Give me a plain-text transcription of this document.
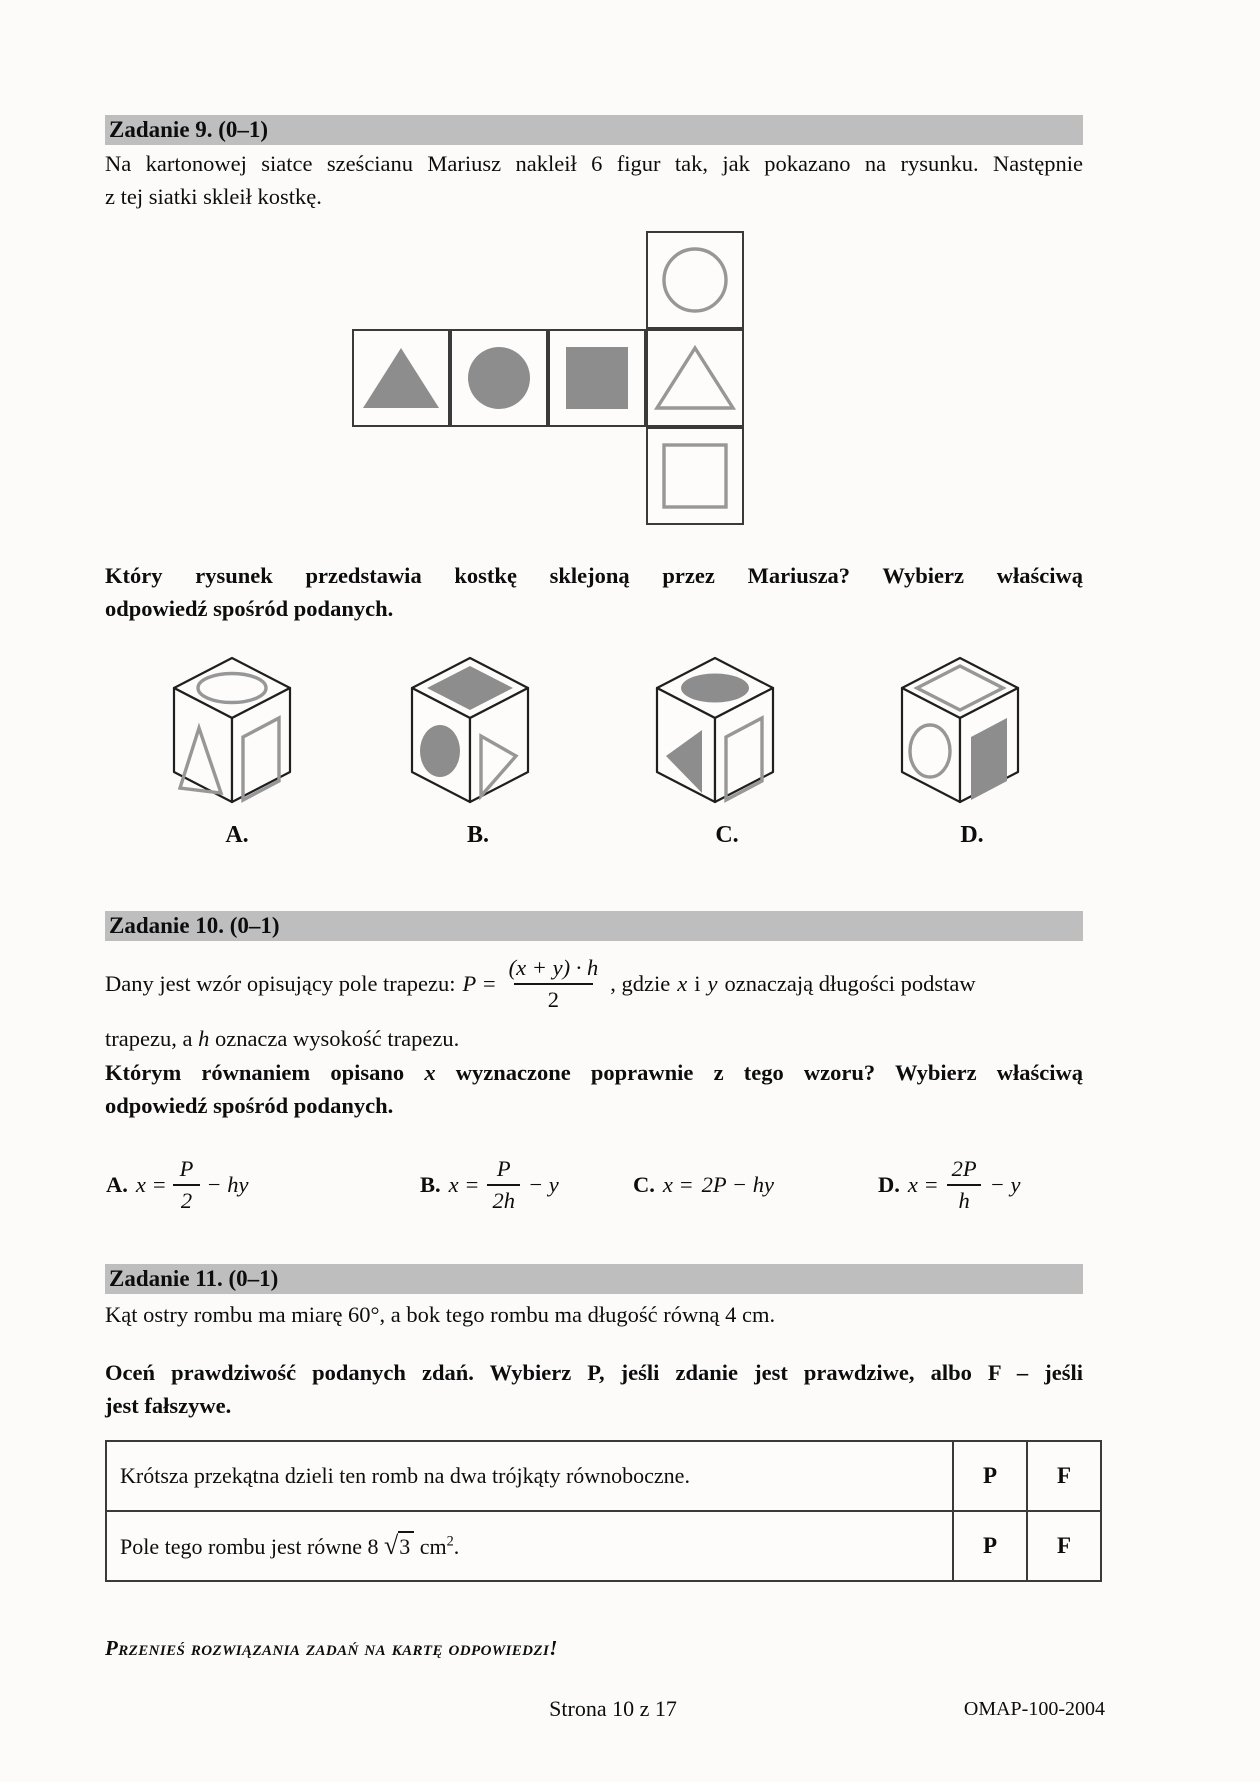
Zadanie 9. (0–1)
Na kartonowej siatce sześcianu Mariusz nakleił 6 figur tak, jak pokazano na rysunku. Następnie
z tej siatki skleił kostkę.
Który rysunek przedstawia kostkę sklejoną przez Mariusza? Wybierz właściwą
odpowiedź spośród podanych.
A.	B.	C.	D.
Zadanie 10. (0–1)
Dany jest wzór opisujący pole trapezu: $P = \frac{(x + y) \cdot h}{2}$ , gdzie x i y oznaczają długości podstaw
trapezu, a h oznacza wysokość trapezu.
Którym równaniem opisano x wyznaczone poprawnie z tego wzoru? Wybierz właściwą
odpowiedź spośród podanych.
A. $x = \frac{P}{2}$ − hy	B. $x = \frac{P}{2h} - y$	C. x = 2P − hy	D. $x = \frac{2P}{h} - y$
Zadanie 11. (0–1)
Kąt ostry rombu ma miarę 60°, a bok tego rombu ma długość równą 4 cm.
Oceń prawdziwość podanych zdań. Wybierz P, jeśli zdanie jest prawdziwe, albo F – jeśli
jest fałszywe.
Krótsza przekątna dzieli ten romb na dwa trójkąty równoboczne.	P	F
Pole tego rombu jest równe 8 √3 $cm^2$.	P	F
Przenieś rozwiązania zadań na kartę odpowiedzi!
Strona 10 z 17	OMAP-100-2004
